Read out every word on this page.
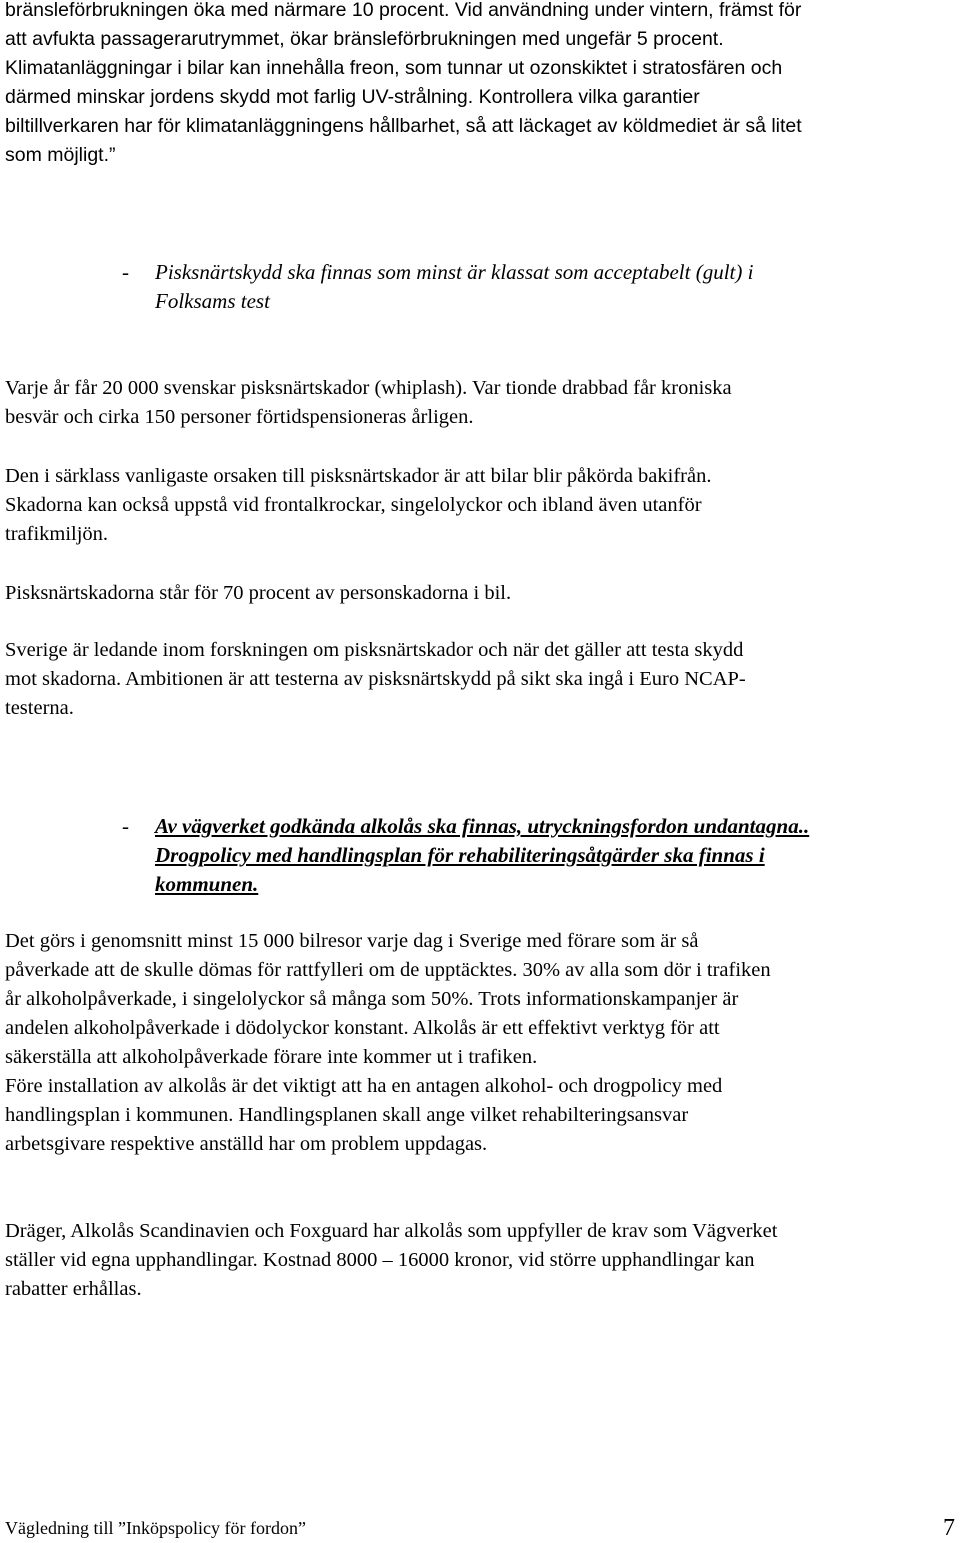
bränsleförbrukningen öka med närmare 10 procent. Vid användning under vintern, främst för
att avfukta passagerarutrymmet, ökar bränsleförbrukningen med ungefär 5 procent.
Klimatanläggningar i bilar kan innehålla freon, som tunnar ut ozonskiktet i stratosfären och
därmed minskar jordens skydd mot farlig UV-strålning. Kontrollera vilka garantier
biltillverkaren har för klimatanläggningens hållbarhet, så att läckaget av köldmediet är så litet
som möjligt.”

- Pisksnärtskydd ska finnas som minst är klassat som acceptabelt (gult) i
Folksams test

Varje år får 20 000 svenskar pisksnärtskador (whiplash). Var tionde drabbad får kroniska
besvär och cirka 150 personer förtidspensioneras årligen.

Den i särklass vanligaste orsaken till pisksnärtskador är att bilar blir påkörda bakifrån.
Skadorna kan också uppstå vid frontalkrockar, singelolyckor och ibland även utanför
trafikmiljön.

Pisksnärtskadorna står för 70 procent av personskadorna i bil.

Sverige är ledande inom forskningen om pisksnärtskador och när det gäller att testa skydd
mot skadorna. Ambitionen är att testerna av pisksnärtskydd på sikt ska ingå i Euro NCAP-
testerna.

- Av vägverket godkända alkolås ska finnas, utryckningsfordon undantagna..
Drogpolicy med handlingsplan för rehabiliteringsåtgärder ska finnas i
kommunen.

Det görs i genomsnitt minst 15 000 bilresor varje dag i Sverige med förare som är så
påverkade att de skulle dömas för rattfylleri om de upptäcktes. 30% av alla som dör i trafiken
år alkoholpåverkade, i singelolyckor så många som 50%. Trots informationskampanjer är
andelen alkoholpåverkade i dödolyckor konstant. Alkolås är ett effektivt verktyg för att
säkerställa att alkoholpåverkade förare inte kommer ut i trafiken.
Före installation av alkolås är det viktigt att ha en antagen alkohol- och drogpolicy med
handlingsplan i kommunen. Handlingsplanen skall ange vilket rehabilteringsansvar
arbetsgivare respektive anställd har om problem uppdagas.

Dräger, Alkolås Scandinavien och Foxguard har alkolås som uppfyller de krav som Vägverket
ställer vid egna upphandlingar. Kostnad 8000 – 16000 kronor, vid större upphandlingar kan
rabatter erhållas.

Vägledning till ”Inköpspolicy för fordon”	7
